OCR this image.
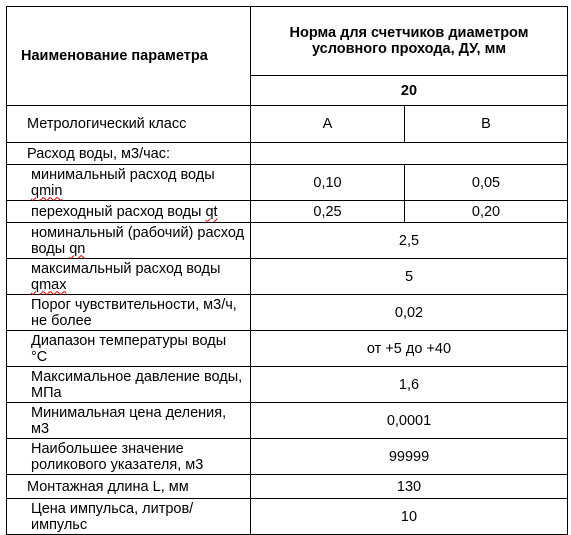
Наименование параметра	Норма для счетчиков диаметром условного прохода, ДУ, мм	
	20	
Метрологический класс	А	В
Расход воды, м3/час:		
минимальный расход воды qmin	0,10	0,05
переходный расход воды qt	0,25	0,20
номинальный (рабочий) расход воды qn	2,5	
максимальный расход воды qmax	5	
Порог чувствительности, м3/ч, не более	0,02	
Диапазон температуры воды °С	от +5 до +40	
Максимальное давление воды, МПа	1,6	
Минимальная цена деления, м3	0,0001	
Наибольшее значение роликового указателя, м3	99999	
Монтажная длина L, мм	130	
Цена импульса, литров/импульс	10	
